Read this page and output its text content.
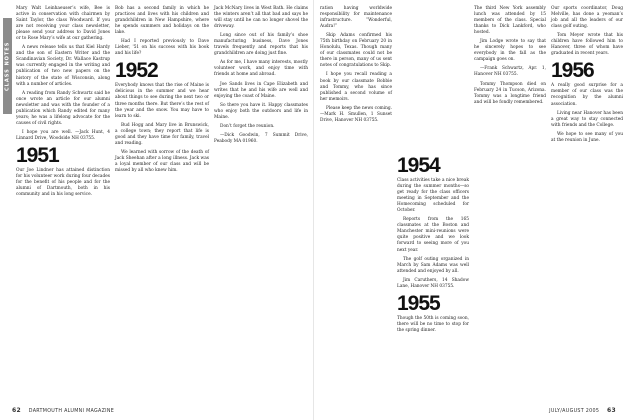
CLASS NOTES

Mary Walt Leinhaeuser’s wife, Bee is active in conservation with chairmen by Saint Taylor, the class Woodward. If you are not receiving your class newsletter, please send your address to David Jones or to Rose Mary’s wife at our gathering.

A news release tells us that Kiel Hardy and the son of Eastern Writer and the Scandinavian Society, Dr. Wallace Kastrup was currently engaged in the writing and publication of two new papers on the history of the state of Wisconsin, along with a number of articles.

A reading from Randy Schwartz said he once wrote an article for our alumni newsletter and was with the founder of a publication which Randy edited for many years; he was a lifelong advocate for the causes of civil rights.

I hope you are well. —Jack Hunt, 4 Linnard Drive, Woodside NH 03755.

1951

Our Joe Lindner has attained distinction for his volunteer work during four decades for the benefit of his people and for the alumni of Dartmouth, both in his community and in his long service.

Bob has a second family in which he practices and lives with his children and grandchildren in New Hampshire, where he spends summers and holidays on the lake.

Had I reported previously to Dave Lieber, '51 on his success with his book and his life?

1952

Everybody knows that the rise of Maine is delicious in the summer and we hear about things to see during the next two or three months there. But there’s the rest of the year and the snow. You may have to learn to ski.

Bud Hogg and Mary live in Brunswick, a college town; they report that life is good and they have time for family, travel and reading.

We learned with sorrow of the death of Jack Sheehan after a long illness. Jack was a loyal member of our class and will be missed by all who knew him.

Jack McNary lives in West Bath. He claims the winters aren’t all that bad and says he will stay until he can no longer shovel the driveway.

Long since out of his family’s shoe manufacturing business, Dave Jones travels frequently and reports that his grandchildren are doing just fine.

As for me, I have many interests, mostly volunteer work, and enjoy time with friends at home and abroad.

Joe Sands lives in Cape Elizabeth and writes that he and his wife are well and enjoying the coast of Maine.

So there you have it. Happy classmates who enjoy both the outdoors and life in Maine.

Don’t forget the reunion.

—Dick Goodwin, 7 Summit Drive, Peabody MA 01960.

62 DARTMOUTH ALUMNI MAGAZINE

ration having worldwide responsibility for maintenance infrastructure. “Wonderful, Audra!”

Skip Adams confirmed his 75th birthday on February 20 in Honolulu, Texas. Though many of our classmates could not be there in person, many of us sent notes of congratulations to Skip.

I hope you recall reading a book by our classmate Bobbie and Tommy, who has since published a second volume of her memoirs.

Please keep the news coming. —Mark H. Smullen, 1 Sunset Drive, Hanover NH 03755.

1954

Class activities take a nice break during the summer months—so get ready for the class officers meeting in September and the Homecoming scheduled for October.

Reports from the 165 classmates at the Boston and Manchester mini-reunions were quite positive and we look forward to seeing more of you next year.

The golf outing organized in March by Sam Adams was well attended and enjoyed by all.

Jim Caruthers, 14 Shadow Lane, Hanover NH 03755.

1955

Though the 50th is coming soon, there will be no time to stop for the spring dinner.

The third New York assembly lunch was attended by 15 members of the class. Special thanks to Dick Lankford, who hosted.

Jim Lodge wrote to say that he sincerely hopes to see everybody in the fall as the campaign goes on.

—Frank Schwartz, Apr. 1, Hanover NH 03755.

Tommy Thompson died on February 24 in Tucson, Arizona. Tommy was a longtime friend and will be fondly remembered.

Our sports coordinator, Doug Melville, has done a yeoman’s job and all the leaders of our class golf outing.

Tom Meyer wrote that his children have followed him to Hanover, three of whom have graduated in recent years.

1956

A really good surprise for a member of our class was the recognition by the alumni association.

Living near Hanover has been a great way to stay connected with friends and the College.

We hope to see many of you at the reunion in June.

JULY/AUGUST 2005 63
